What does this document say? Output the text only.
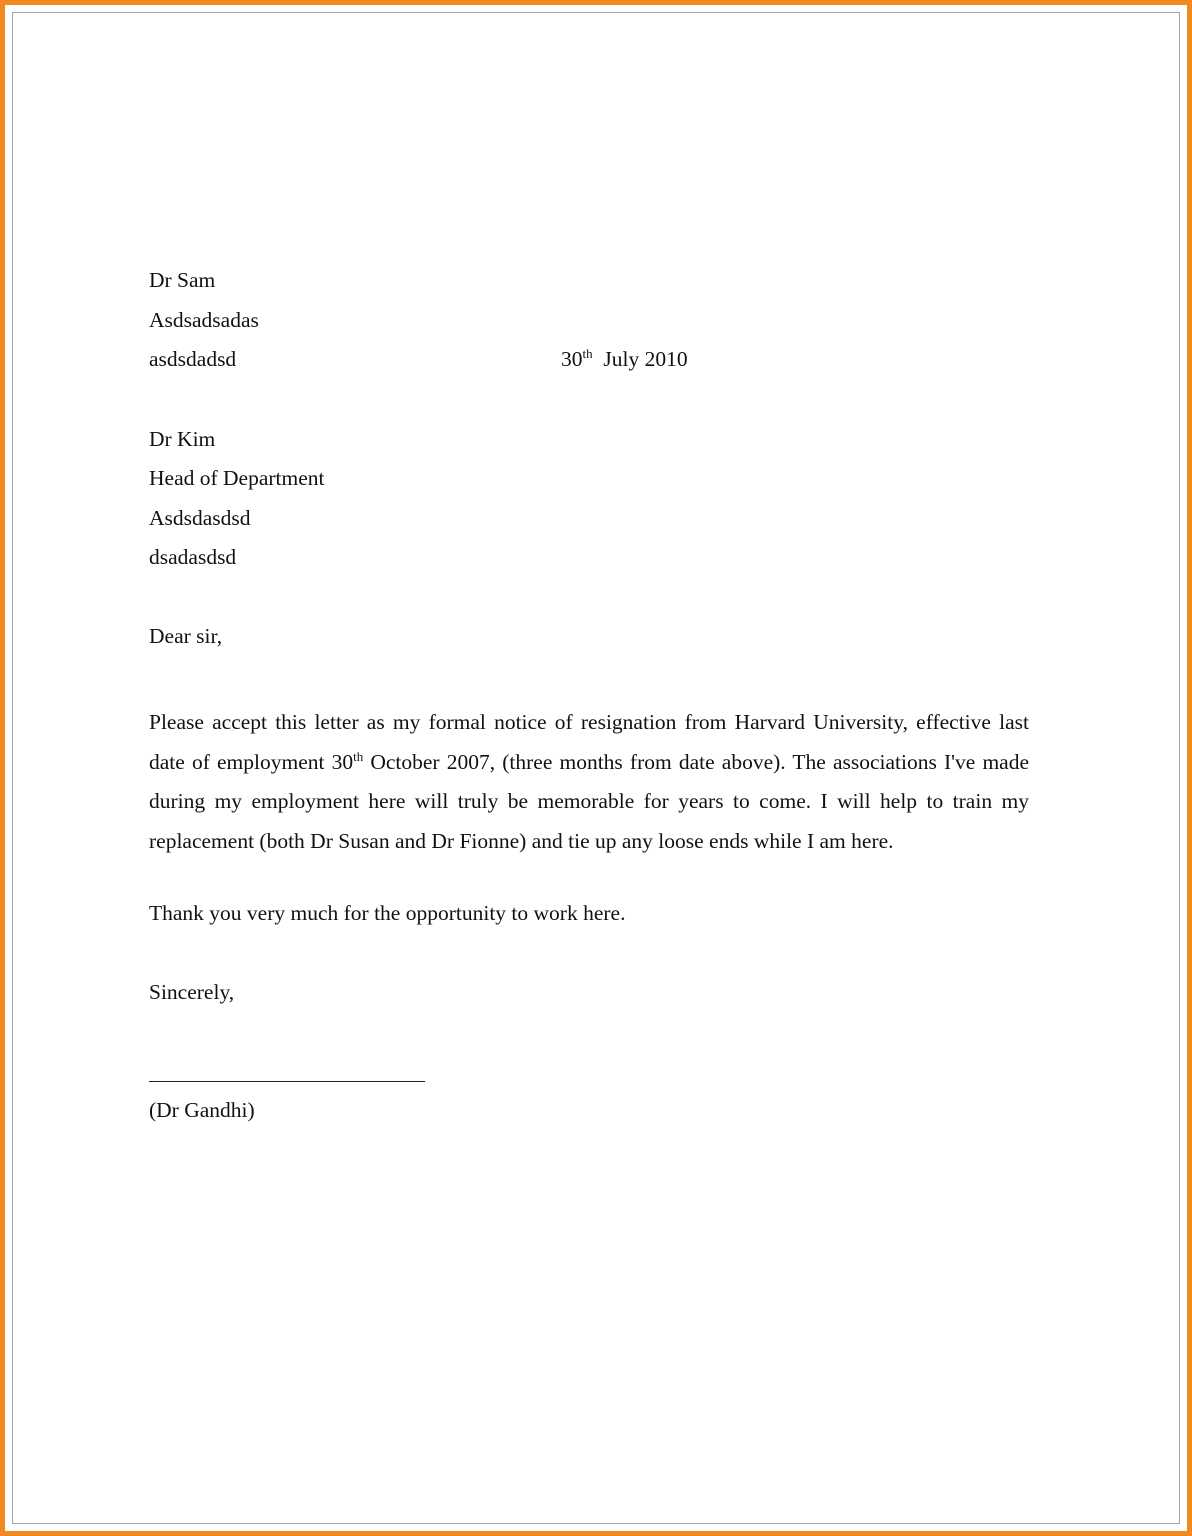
Dr Sam
Asdsadsadas
asdsdadsd	30th July 2010
Dr Kim
Head of Department
Asdsdasdsd
dsadasdsd
Dear sir,
Please accept this letter as my formal notice of resignation from Harvard University, effective last date of employment 30th October 2007, (three months from date above). The associations I've made during my employment here will truly be memorable for years to come. I will help to train my replacement (both Dr Susan and Dr Fionne) and tie up any loose ends while I am here.
Thank you very much for the opportunity to work here.
Sincerely,
(Dr Gandhi)
